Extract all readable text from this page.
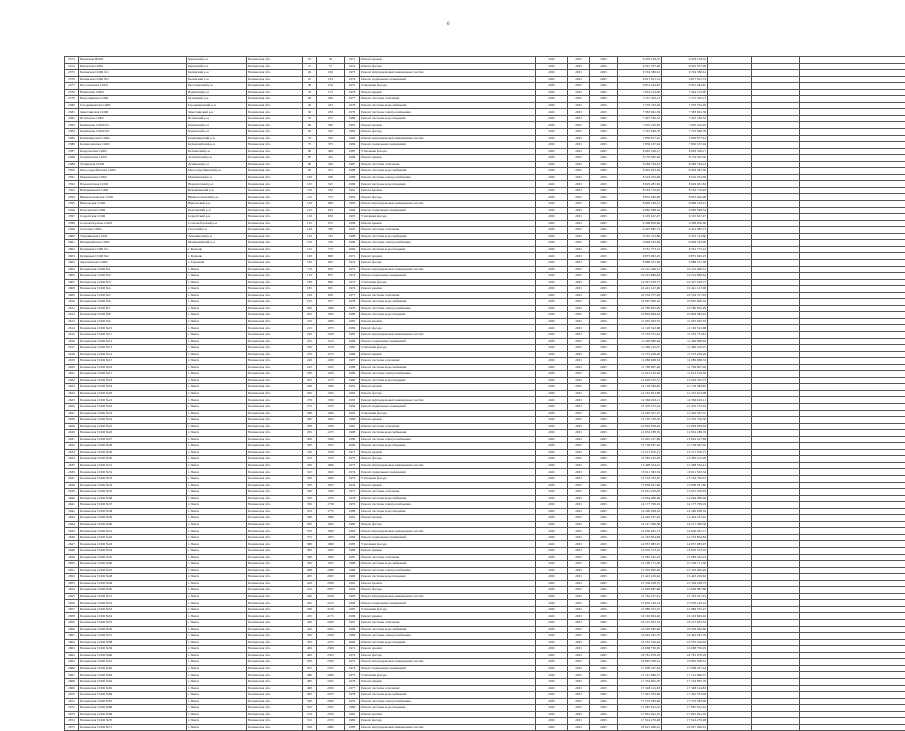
6
2573	Бековская НОШ	Бековский р-н	Пензенская обл.	10	50	1971	Ремонт кровли	2045	2023	2045	6 478 128,35	6 478 128,35			
2574	Бековская СОШ	Бековский р-н	Пензенская обл.	15	75	1972	Ремонт фасада	2045	2023	2045	6 591 357,48	6 591 357,48			
2575	Белинская СОШ №1	Белинский р-н	Пензенская обл.	20	100	1973	Ремонт внутридомовых инженерных систем	2045	2023	2045	6 704 586,61	6 704 586,61			
2576	Белинская СОШ №2	Белинский р-н	Пензенская обл.	25	125	1974	Ремонт подвальных помещений	2045	2023	2045	6 817 815,74	6 817 815,74			
2577	Бессоновская СОШ	Бессоновский р-н	Пензенская обл.	30	150	1975	Утепление фасада	2045	2023	2045	6 931 044,87	6 931 044,87			
2578	Вадинская СОШ	Вадинский р-н	Пензенская обл.	35	175	1976	Ремонт крыши	2045	2023	2045	7 044 274,00	7 044 274,00			
2579	Верхозимская СОШ	Кузнецкий р-н	Пензенская обл.	40	200	1977	Ремонт системы отопления	2045	2023	2045	7 157 503,13	7 157 503,13			
2580	Городищенская СОШ	Городищенский р-н	Пензенская обл.	45	225	1978	Ремонт системы водоснабжения	2045	2023	2045	7 270 732,26	7 270 732,26			
2581	Земетчинская СОШ	Земетчинский р-н	Пензенская обл.	50	250	1979	Ремонт системы электроснабжения	2045	2023	2045	7 383 961,39	7 383 961,39			
2582	Иссинская СОШ	Иссинский р-н	Пензенская обл.	55	275	1980	Ремонт системы водоотведения	2045	2023	2045	7 497 190,52	7 497 190,52			
2583	Каменская СОШ №1	Каменский р-н	Пензенская обл.	60	300	1981	Ремонт кровли	2045	2023	2045	7 610 419,65	7 610 419,65			
2584	Каменская СОШ №2	Каменский р-н	Пензенская обл.	65	325	1982	Ремонт фасада	2045	2023	2045	7 723 648,78	7 723 648,78			
2585	Камешкирская СОШ	Камешкирский р-н	Пензенская обл.	70	350	1983	Ремонт внутридомовых инженерных систем	2045	2023	2045	7 836 877,91	7 836 877,91			
2586	Колышлейская СОШ	Колышлейский р-н	Пензенская обл.	75	375	1984	Ремонт подвальных помещений	2045	2023	2045	7 950 107,04	7 950 107,04			
2587	Кондольская СОШ	Пензенский р-н	Пензенская обл.	80	400	1985	Утепление фасада	2045	2023	2045	8 063 336,17	8 063 336,17			
2588	Лопатинская СОШ	Лопатинский р-н	Пензенская обл.	85	425	1986	Ремонт крыши	2045	2023	2045	8 176 565,30	8 176 565,30			
2589	Лунинская СОШ	Лунинский р-н	Пензенская обл.	90	450	1987	Ремонт системы отопления	2045	2023	2045	8 289 794,43	8 289 794,43			
2590	Малосердобинская СОШ	Малосердобинский р-н	Пензенская обл.	95	475	1988	Ремонт системы водоснабжения	2045	2023	2045	8 403 023,56	8 403 023,56			
2591	Мокшанская СОШ	Мокшанский р-н	Пензенская обл.	100	500	1989	Ремонт системы электроснабжения	2045	2023	2045	8 516 252,69	8 516 252,69			
2592	Наровчатская СОШ	Наровчатский р-н	Пензенская обл.	105	525	1990	Ремонт системы водоотведения	2045	2023	2045	8 629 481,82	8 629 481,82			
2593	Неверкинская СОШ	Неверкинский р-н	Пензенская обл.	110	550	1991	Ремонт кровли	2045	2023	2045	8 742 710,95	8 742 710,95			
2594	Нижнеломовская СОШ	Нижнеломовский р-н	Пензенская обл.	115	575	1992	Ремонт фасада	2045	2023	2045	8 855 940,08	8 855 940,08			
2595	Никольская СОШ	Никольский р-н	Пензенская обл.	120	600	1993	Ремонт внутридомовых инженерных систем	2045	2023	2045	8 969 169,21	8 969 169,21			
2596	Пачелмская СОШ	Пачелмский р-н	Пензенская обл.	125	625	1994	Ремонт подвальных помещений	2045	2023	2045	9 082 398,34	9 082 398,34			
2597	Сердобская СОШ	Сердобский р-н	Пензенская обл.	130	650	1995	Утепление фасада	2045	2023	2045	9 195 627,47	9 195 627,47			
2598	Сосновоборская СОШ	Сосновоборский р-н	Пензенская обл.	135	675	1996	Ремонт крыши	2045	2023	2045	9 308 856,60	9 308 856,60			
2599	Спасская СОШ	Спасский р-н	Пензенская обл.	140	700	1997	Ремонт системы отопления	2045	2023	2045	9 422 085,73	9 422 085,73			
2600	Тамалинская СОШ	Тамалинский р-н	Пензенская обл.	145	725	1998	Ремонт системы водоснабжения	2045	2023	2045	9 535 314,86	9 535 314,86			
2601	Шемышейская СОШ	Шемышейский р-н	Пензенская обл.	150	750	1999	Ремонт системы электроснабжения	2045	2023	2045	9 648 543,99	9 648 543,99			
2602	Кузнецкая СОШ №1	г. Кузнецк	Пензенская обл.	155	775	2000	Ремонт системы водоотведения	2045	2023	2045	9 761 773,12	9 761 773,12			
2603	Кузнецкая СОШ №2	г. Кузнецк	Пензенская обл.	160	800	1971	Ремонт кровли	2045	2023	2045	9 875 002,25	9 875 002,25			
2604	Заречненская СОШ	г. Заречный	Пензенская обл.	165	825	1972	Ремонт фасада	2045	2023	2045	9 988 231,38	9 988 231,38			
2605	Пензенская СОШ №1	г. Пенза	Пензенская обл.	170	850	1973	Ремонт внутридомовых инженерных систем	2045	2023	2045	10 101 460,51	10 101 460,51			
2606	Пензенская СОШ №2	г. Пенза	Пензенская обл.	175	875	1974	Ремонт подвальных помещений	2045	2023	2045	10 214 689,64	10 214 689,64			
2607	Пензенская СОШ №3	г. Пенза	Пензенская обл.	180	900	1975	Утепление фасада	2045	2023	2045	10 327 918,77	10 327 918,77			
2608	Пензенская СОШ №4	г. Пенза	Пензенская обл.	185	925	1976	Ремонт крыши	2045	2023	2045	10 441 147,90	10 441 147,90			
2609	Пензенская СОШ №5	г. Пенза	Пензенская обл.	190	950	1977	Ремонт системы отопления	2045	2023	2045	10 554 377,03	10 554 377,03			
2610	Пензенская СОШ №6	г. Пенза	Пензенская обл.	195	975	1978	Ремонт системы водоснабжения	2045	2023	2045	10 667 606,16	10 667 606,16			
2611	Пензенская СОШ №7	г. Пенза	Пензенская обл.	200	1000	1979	Ремонт системы электроснабжения	2045	2023	2045	10 780 835,29	10 780 835,29			
2612	Пензенская СОШ №8	г. Пенза	Пензенская обл.	205	1025	1980	Ремонт системы водоотведения	2045	2023	2045	10 894 064,42	10 894 064,42			
2613	Пензенская СОШ №9	г. Пенза	Пензенская обл.	210	1050	1981	Ремонт кровли	2045	2023	2045	11 007 293,55	11 007 293,55			
2614	Пензенская СОШ №10	г. Пенза	Пензенская обл.	215	1075	1982	Ремонт фасада	2045	2023	2045	11 120 522,68	11 120 522,68			
2615	Пензенская СОШ №11	г. Пенза	Пензенская обл.	220	1100	1983	Ремонт внутридомовых инженерных систем	2045	2023	2045	11 233 751,81	11 233 751,81			
2616	Пензенская СОШ №12	г. Пенза	Пензенская обл.	225	1125	1984	Ремонт подвальных помещений	2045	2023	2045	11 346 980,94	11 346 980,94			
2617	Пензенская СОШ №13	г. Пенза	Пензенская обл.	230	1150	1985	Утепление фасада	2045	2023	2045	11 460 210,07	11 460 210,07			
2618	Пензенская СОШ №14	г. Пенза	Пензенская обл.	235	1175	1986	Ремонт крыши	2045	2023	2045	11 573 439,20	11 573 439,20			
2619	Пензенская СОШ №15	г. Пенза	Пензенская обл.	240	1200	1987	Ремонт системы отопления	2045	2023	2045	11 686 668,33	11 686 668,33			
2620	Пензенская СОШ №16	г. Пенза	Пензенская обл.	245	1225	1988	Ремонт системы водоснабжения	2045	2023	2045	11 799 897,46	11 799 897,46			
2621	Пензенская СОШ №17	г. Пенза	Пензенская обл.	250	1250	1989	Ремонт системы электроснабжения	2045	2023	2045	11 913 126,59	11 913 126,59			
2622	Пензенская СОШ №18	г. Пенза	Пензенская обл.	255	1275	1990	Ремонт системы водоотведения	2045	2023	2045	12 026 355,72	12 026 355,72			
2623	Пензенская СОШ №19	г. Пенза	Пензенская обл.	260	1300	1991	Ремонт кровли	2045	2023	2045	12 139 584,85	12 139 584,85			
2624	Пензенская СОШ №20	г. Пенза	Пензенская обл.	265	1325	1992	Ремонт фасада	2045	2023	2045	12 252 813,98	12 252 813,98			
2625	Пензенская СОШ №21	г. Пенза	Пензенская обл.	270	1350	1993	Ремонт внутридомовых инженерных систем	2045	2023	2045	12 366 043,11	12 366 043,11			
2626	Пензенская СОШ №22	г. Пенза	Пензенская обл.	275	1375	1994	Ремонт подвальных помещений	2045	2023	2045	12 479 272,24	12 479 272,24			
2627	Пензенская СОШ №23	г. Пенза	Пензенская обл.	280	1400	1995	Утепление фасада	2045	2023	2045	12 592 501,37	12 592 501,37			
2628	Пензенская СОШ №24	г. Пенза	Пензенская обл.	285	1425	1996	Ремонт крыши	2045	2023	2045	12 705 730,50	12 705 730,50			
2629	Пензенская СОШ №25	г. Пенза	Пензенская обл.	290	1450	1997	Ремонт системы отопления	2045	2023	2045	12 818 959,63	12 818 959,63			
2630	Пензенская СОШ №26	г. Пенза	Пензенская обл.	295	1475	1998	Ремонт системы водоснабжения	2045	2023	2045	12 932 188,76	12 932 188,76			
2631	Пензенская СОШ №27	г. Пенза	Пензенская обл.	300	1500	1999	Ремонт системы электроснабжения	2045	2023	2045	13 045 417,89	13 045 417,89			
2632	Пензенская СОШ №28	г. Пенза	Пензенская обл.	305	1525	2000	Ремонт системы водоотведения	2045	2023	2045	13 158 647,02	13 158 647,02			
2633	Пензенская СОШ №29	г. Пенза	Пензенская обл.	310	1550	1971	Ремонт кровли	2045	2023	2045	13 271 876,15	13 271 876,15			
2634	Пензенская СОШ №30	г. Пенза	Пензенская обл.	315	1575	1972	Ремонт фасада	2045	2023	2045	13 385 105,28	13 385 105,28			
2635	Пензенская СОШ №31	г. Пенза	Пензенская обл.	320	1600	1973	Ремонт внутридомовых инженерных систем	2045	2023	2045	13 498 334,41	13 498 334,41			
2636	Пензенская СОШ №32	г. Пенза	Пензенская обл.	325	1625	1974	Ремонт подвальных помещений	2045	2023	2045	13 611 563,54	13 611 563,54			
2637	Пензенская СОШ №33	г. Пенза	Пензенская обл.	330	1650	1975	Утепление фасада	2045	2023	2045	13 724 792,67	13 724 792,67			
2638	Пензенская СОШ №34	г. Пенза	Пензенская обл.	335	1675	1976	Ремонт крыши	2045	2023	2045	13 838 021,80	13 838 021,80			
2639	Пензенская СОШ №35	г. Пенза	Пензенская обл.	340	1700	1977	Ремонт системы отопления	2045	2023	2045	13 951 250,93	13 951 250,93			
2640	Пензенская СОШ №36	г. Пенза	Пензенская обл.	345	1725	1978	Ремонт системы водоснабжения	2045	2023	2045	14 064 480,06	14 064 480,06			
2641	Пензенская СОШ №37	г. Пенза	Пензенская обл.	350	1750	1979	Ремонт системы электроснабжения	2045	2023	2045	14 177 709,19	14 177 709,19			
2642	Пензенская СОШ №38	г. Пенза	Пензенская обл.	355	1775	1980	Ремонт системы водоотведения	2045	2023	2045	14 290 938,32	14 290 938,32			
2643	Пензенская СОШ №39	г. Пенза	Пензенская обл.	360	1800	1981	Ремонт кровли	2045	2023	2045	14 404 167,45	14 404 167,45			
2644	Пензенская СОШ №40	г. Пенза	Пензенская обл.	365	1825	1982	Ремонт фасада	2045	2023	2045	14 517 396,58	14 517 396,58			
2645	Пензенская СОШ №41	г. Пенза	Пензенская обл.	370	1850	1983	Ремонт внутридомовых инженерных систем	2045	2023	2045	14 630 625,71	14 630 625,71			
2646	Пензенская СОШ №42	г. Пенза	Пензенская обл.	375	1875	1984	Ремонт подвальных помещений	2045	2023	2045	14 743 854,84	14 743 854,84			
2647	Пензенская СОШ №43	г. Пенза	Пензенская обл.	380	1900	1985	Утепление фасада	2045	2023	2045	14 857 083,97	14 857 083,97			
2648	Пензенская СОШ №44	г. Пенза	Пензенская обл.	385	1925	1986	Ремонт крыши	2045	2023	2045	14 970 313,10	14 970 313,10			
2649	Пензенская СОШ №45	г. Пенза	Пензенская обл.	390	1950	1987	Ремонт системы отопления	2045	2023	2045	15 083 542,23	15 083 542,23			
2650	Пензенская СОШ №46	г. Пенза	Пензенская обл.	395	1975	1988	Ремонт системы водоснабжения	2045	2023	2045	15 196 771,36	15 196 771,36			
2651	Пензенская СОШ №47	г. Пенза	Пензенская обл.	400	2000	1989	Ремонт системы электроснабжения	2045	2023	2045	15 310 000,49	15 310 000,49			
2652	Пензенская СОШ №48	г. Пенза	Пензенская обл.	405	2025	1990	Ремонт системы водоотведения	2045	2023	2045	15 423 229,62	15 423 229,62			
2653	Пензенская СОШ №49	г. Пенза	Пензенская обл.	410	2050	1991	Ремонт кровли	2045	2023	2045	15 536 458,75	15 536 458,75			
2654	Пензенская СОШ №50	г. Пенза	Пензенская обл.	415	2075	1992	Ремонт фасада	2045	2023	2045	15 649 687,88	15 649 687,88			
2655	Пензенская СОШ №51	г. Пенза	Пензенская обл.	420	2100	1993	Ремонт внутридомовых инженерных систем	2045	2023	2045	15 762 917,01	15 762 917,01			
2656	Пензенская СОШ №52	г. Пенза	Пензенская обл.	425	2125	1994	Ремонт подвальных помещений	2045	2023	2045	15 876 146,14	15 876 146,14			
2657	Пензенская СОШ №53	г. Пенза	Пензенская обл.	430	2150	1995	Утепление фасада	2045	2023	2045	15 989 375,27	15 989 375,27			
2658	Пензенская СОШ №54	г. Пенза	Пензенская обл.	435	2175	1996	Ремонт крыши	2045	2023	2045	16 102 604,40	16 102 604,40			
2659	Пензенская СОШ №55	г. Пенза	Пензенская обл.	440	2200	1997	Ремонт системы отопления	2045	2023	2045	16 215 833,53	16 215 833,53			
2660	Пензенская СОШ №56	г. Пенза	Пензенская обл.	445	2225	1998	Ремонт системы водоснабжения	2045	2023	2045	16 329 062,66	16 329 062,66			
2661	Пензенская СОШ №57	г. Пенза	Пензенская обл.	450	2250	1999	Ремонт системы электроснабжения	2045	2023	2045	16 442 291,79	16 442 291,79			
2662	Пензенская СОШ №58	г. Пенза	Пензенская обл.	455	2275	2000	Ремонт системы водоотведения	2045	2023	2045	16 555 520,92	16 555 520,92			
2663	Пензенская СОШ №59	г. Пенза	Пензенская обл.	460	2300	1971	Ремонт кровли	2045	2023	2045	16 668 750,05	16 668 750,05			
2664	Пензенская СОШ №60	г. Пенза	Пензенская обл.	465	2325	1972	Ремонт фасада	2045	2023	2045	16 781 979,18	16 781 979,18			
2665	Пензенская СОШ №61	г. Пенза	Пензенская обл.	470	2350	1973	Ремонт внутридомовых инженерных систем	2045	2023	2045	16 895 208,31	16 895 208,31			
2666	Пензенская СОШ №62	г. Пенза	Пензенская обл.	475	2375	1974	Ремонт подвальных помещений	2045	2023	2045	17 008 437,44	17 008 437,44			
2667	Пензенская СОШ №63	г. Пенза	Пензенская обл.	480	2400	1975	Утепление фасада	2045	2023	2045	17 121 666,57	17 121 666,57			
2668	Пензенская СОШ №64	г. Пенза	Пензенская обл.	485	2425	1976	Ремонт крыши	2045	2023	2045	17 234 895,70	17 234 895,70			
2669	Пензенская СОШ №65	г. Пенза	Пензенская обл.	490	2450	1977	Ремонт системы отопления	2045	2023	2045	17 348 124,83	17 348 124,83			
2670	Пензенская СОШ №66	г. Пенза	Пензенская обл.	495	2475	1978	Ремонт системы водоснабжения	2045	2023	2045	17 461 353,96	17 461 353,96			
2671	Пензенская СОШ №67	г. Пенза	Пензенская обл.	500	2500	1979	Ремонт системы электроснабжения	2045	2023	2045	17 574 583,09	17 574 583,09			
2672	Пензенская СОШ №68	г. Пенза	Пензенская обл.	505	2525	1980	Ремонт системы водоотведения	2045	2023	2045	17 687 812,22	17 687 812,22			
2673	Пензенская СОШ №69	г. Пенза	Пензенская обл.	510	2550	1981	Ремонт кровли	2045	2023	2045	17 801 041,35	17 801 041,35			
2674	Пензенская СОШ №70	г. Пенза	Пензенская обл.	515	2575	1982	Ремонт фасада	2045	2023	2045	17 914 270,48	17 914 270,48			
2675	Пензенская СОШ №71	г. Пенза	Пензенская обл.	520	2600	1983	Ремонт внутридомовых инженерных систем	2045	2023	2045	18 027 499,61	18 027 499,61			
